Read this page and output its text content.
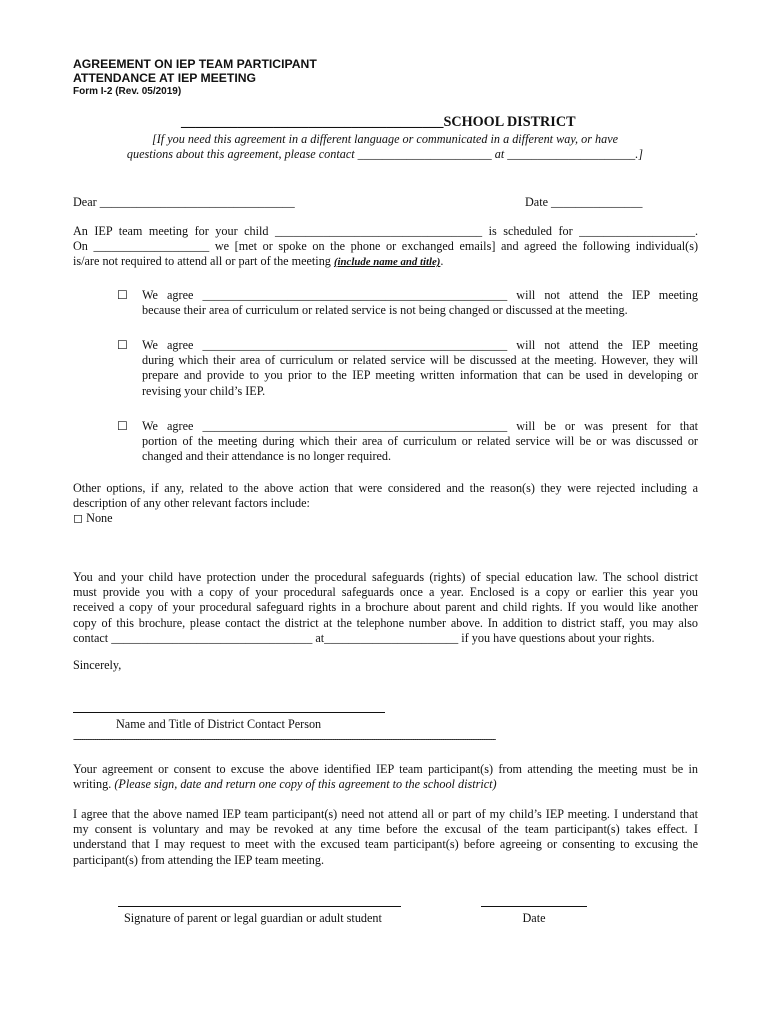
AGREEMENT ON IEP TEAM PARTICIPANT
ATTENDANCE AT IEP MEETING
Form I-2 (Rev. 05/2019)
_____________________________________SCHOOL DISTRICT
[If you need this agreement in a different language or communicated in a different way, or have
questions about this agreement, please contact ______________________ at _____________________.]
Dear ________________________________	Date _______________
An IEP team meeting for your child __________________________________ is scheduled for ___________________.
On ___________________ we [met or spoke on the phone or exchanged emails] and agreed the following individual(s)
is/are not required to attend all or part of the meeting (include name and title).
☐ We agree __________________________________________________ will not attend the IEP meeting
because their area of curriculum or related service is not being changed or discussed at the meeting.
☐ We agree __________________________________________________ will not attend the IEP meeting
during which their area of curriculum or related service will be discussed at the meeting. However, they will
prepare and provide to you prior to the IEP meeting written information that can be used in developing or
revising your child’s IEP.
☐ We agree __________________________________________________ will be or was present for that
portion of the meeting during which their area of curriculum or related service will be or was discussed or
changed and their attendance is no longer required.
Other options, if any, related to the above action that were considered and the reason(s) they were rejected including a
description of any other relevant factors include:
◻ None
You and your child have protection under the procedural safeguards (rights) of special education law. The school district
must provide you with a copy of your procedural safeguards once a year. Enclosed is a copy or earlier this year you
received a copy of your procedural safeguard rights in a brochure about parent and child rights. If you would like another
copy of this brochure, please contact the district at the telephone number above. In addition to district staff, you may also
contact _________________________________ at______________________ if you have questions about your rights.
Sincerely,
Name and Title of District Contact Person
---------------------------------------------------------------------------------------------------------------------------------------------------------------------------------------------------
Your agreement or consent to excuse the above identified IEP team participant(s) from attending the meeting must be in
writing. (Please sign, date and return one copy of this agreement to the school district)
I agree that the above named IEP team participant(s) need not attend all or part of my child’s IEP meeting. I understand that
my consent is voluntary and may be revoked at any time before the excusal of the team participant(s) takes effect. I
understand that I may request to meet with the excused team participant(s) before agreeing or consenting to excusing the
participant(s) from attending the IEP team meeting.
Signature of parent or legal guardian or adult student	Date
